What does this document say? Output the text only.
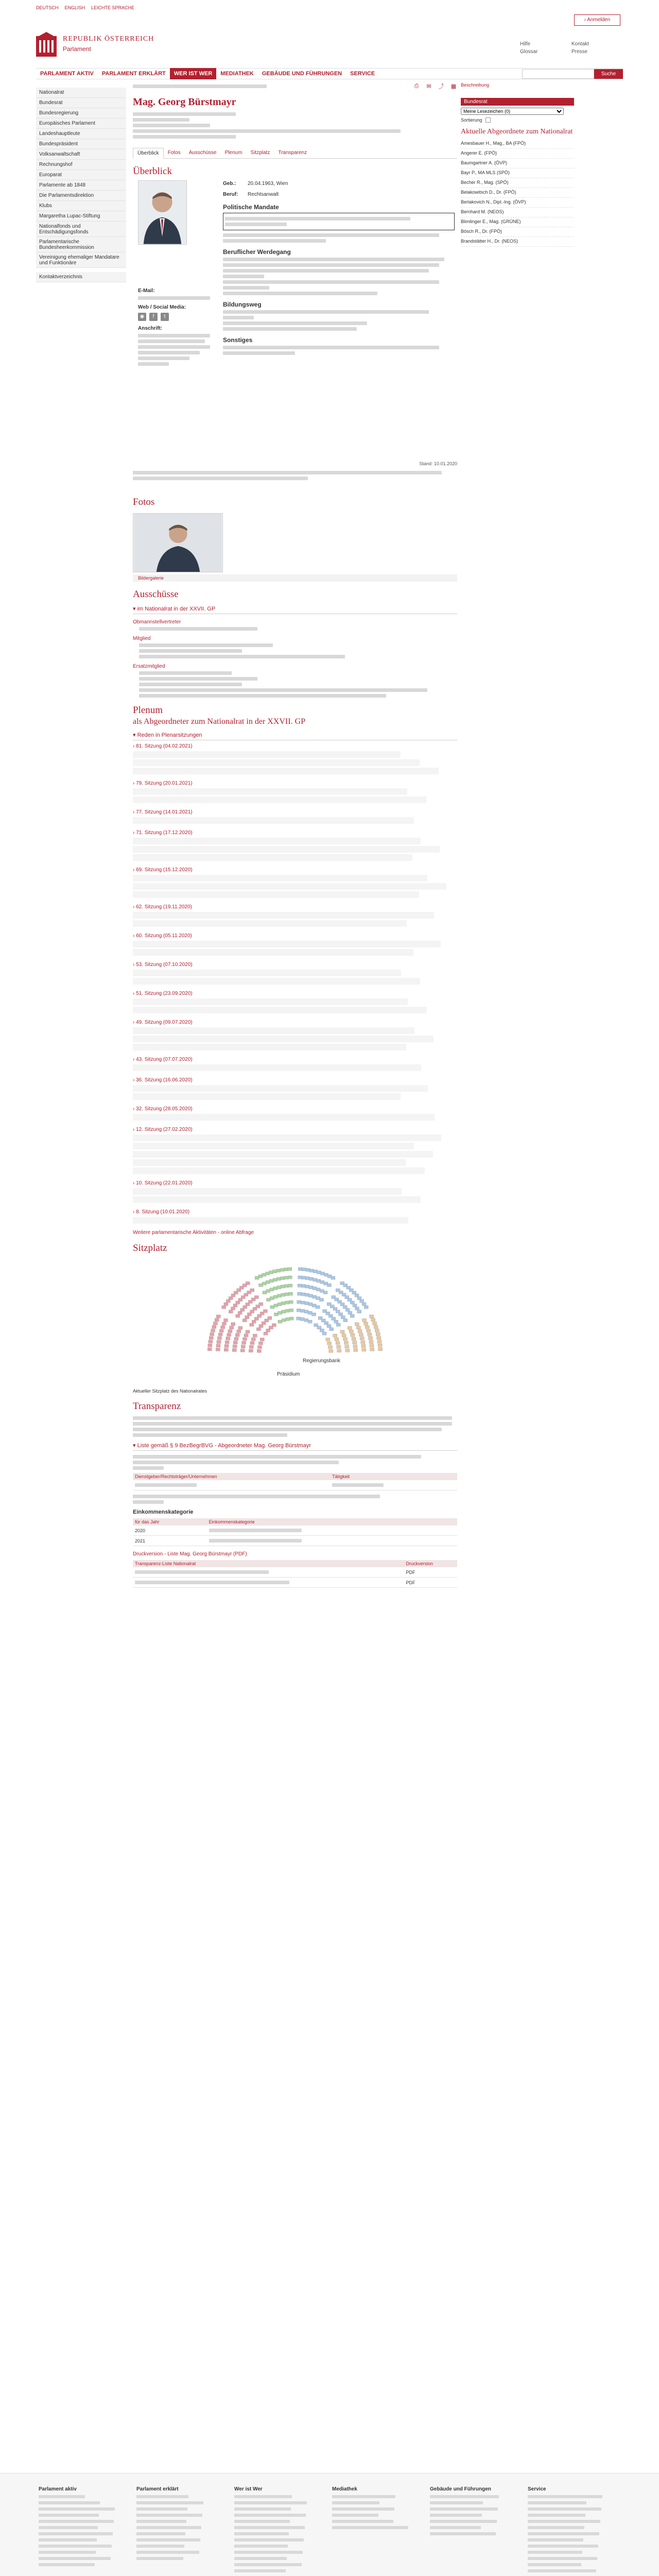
DEUTSCH ENGLISH LEICHTE SPRACHE
› Anmelden
REPUBLIK ÖSTERREICH
Parlament
Hilfe	Kontakt
Glossar	Presse
PARLAMENT AKTIV	PARLAMENT ERKLÄRT	WER IST WER	MEDIATHEK	GEBÄUDE UND FÜHRUNGEN	SERVICE	Suche
Nationalrat
Bundesrat
Bundesregierung
Europäisches Parlament
Landeshauptleute
Bundespräsident
Volksanwaltschaft
Rechnungshof
Europarat
Parlamente ab 1848
Die Parlamentsdirektion
Klubs
Margaretha Lupac-Stiftung
Nationalfonds und Entschädigungsfonds
Parlamentarische Bundesheerkommission
Vereinigung ehemaliger Mandatare und Funktionäre
Kontaktverzeichnis
⎙ ✉ ⤴ ▦
Mag. Georg Bürstmayr
Überblick	Fotos	Ausschüsse	Plenum	Sitzplatz	Transparenz
Überblick
E-Mail:
Web / Social Media:
◉	f	t
Anschrift:
Geb.:	20.04.1963, Wien
Beruf:	Rechtsanwalt
Politische Mandate
Beruflicher Werdegang
Bildungsweg
Sonstiges
Stand: 10.01.2020
Fotos
Bildergalerie
Ausschüsse
▾ im Nationalrat in der XXVII. GP
Obmannstellvertreter
Mitglied
Ersatzmitglied
Plenum
als Abgeordneter zum Nationalrat in der XXVII. GP
▾ Reden in Plenarsitzungen
› 81. Sitzung (04.02.2021)
› 79. Sitzung (20.01.2021)
› 77. Sitzung (14.01.2021)
› 71. Sitzung (17.12.2020)
› 69. Sitzung (15.12.2020)
› 62. Sitzung (19.11.2020)
› 60. Sitzung (05.11.2020)
› 53. Sitzung (07.10.2020)
› 51. Sitzung (23.09.2020)
› 49. Sitzung (09.07.2020)
› 43. Sitzung (07.07.2020)
› 36. Sitzung (16.06.2020)
› 32. Sitzung (28.05.2020)
› 12. Sitzung (27.02.2020)
› 10. Sitzung (22.01.2020)
› 8. Sitzung (10.01.2020)
Weitere parlamentarische Aktivitäten - online Abfrage
Sitzplatz
Regierungsbank
Präsidium
Aktueller Sitzplatz des Nationalrates
Transparenz
▾ Liste gemäß § 9 BezBegrBVG - Abgeordneter Mag. Georg Bürstmayr
Dienstgeber/Rechtsträger/Unternehmen	Tätigkeit

Einkommenskategorie
für das Jahr	Einkommenskategorie
2020	

2021	
Druckversion - Liste Mag. Georg Bürstmayr (PDF)
Transparenz-Liste Nationalrat	Druckversion

	PDF

	PDF
Beschreibung
Bundesrat
Meine Lesezeichen (0)
Sortierung
Aktuelle Abgeordnete zum Nationalrat
Amesbauer H., Mag., BA (FPÖ)
Angerer E. (FPÖ)
Baumgartner A. (ÖVP)
Bayr P., MA MLS (SPÖ)
Becher R., Mag. (SPÖ)
Belakowitsch D., Dr. (FPÖ)
Berlakovich N., Dipl.-Ing. (ÖVP)
Bernhard M. (NEOS)
Blimlinger E., Mag. (GRÜNE)
Bösch R., Dr. (FPÖ)
Brandstätter H., Dr. (NEOS)
Parlament aktiv	Parlament erklärt	Wer ist Wer	Mediathek	Gebäude und Führungen	Service
